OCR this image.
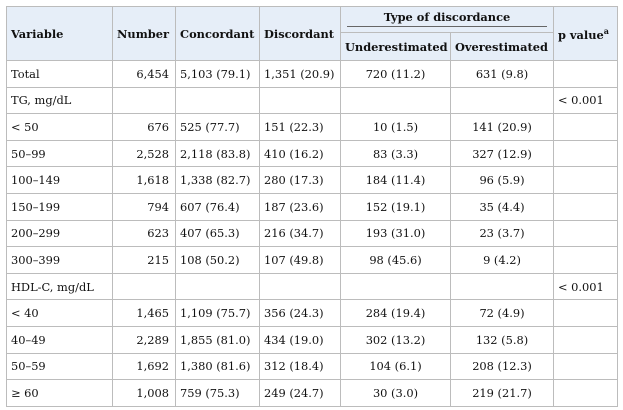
Variable	Number	Concordant	Discordant	Type of discordance		p value$^a$
				Underestimated	Overestimated	
Total	6,454	5,103 (79.1)	1,351 (20.9)	720 (11.2)	631 (9.8)	
TG, mg/dL						< 0.001
< 50	676	525 (77.7)	151 (22.3)	10 (1.5)	141 (20.9)	
50–99	2,528	2,118 (83.8)	410 (16.2)	83 (3.3)	327 (12.9)	
100–149	1,618	1,338 (82.7)	280 (17.3)	184 (11.4)	96 (5.9)	
150–199	794	607 (76.4)	187 (23.6)	152 (19.1)	35 (4.4)	
200–299	623	407 (65.3)	216 (34.7)	193 (31.0)	23 (3.7)	
300–399	215	108 (50.2)	107 (49.8)	98 (45.6)	9 (4.2)	
HDL-C, mg/dL						< 0.001
< 40	1,465	1,109 (75.7)	356 (24.3)	284 (19.4)	72 (4.9)	
40–49	2,289	1,855 (81.0)	434 (19.0)	302 (13.2)	132 (5.8)	
50–59	1,692	1,380 (81.6)	312 (18.4)	104 (6.1)	208 (12.3)	
≥ 60	1,008	759 (75.3)	249 (24.7)	30 (3.0)	219 (21.7)	
